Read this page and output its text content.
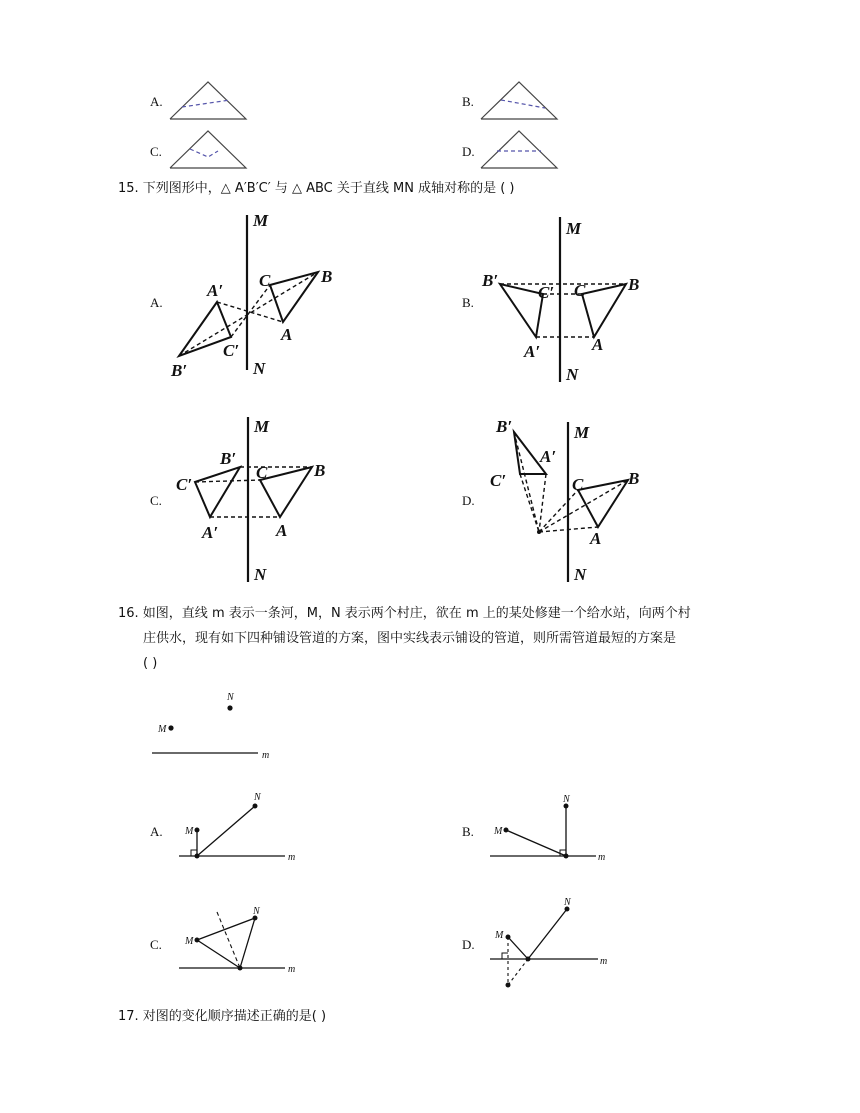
A.	B.
C.	D.
15. 下列图形中，△ A′B′C′ 与 △ ABC 关于直线 MN 成轴对称的是 ( )
A.
M
N
C	B
A
A′
C′
B′
B.
M
N
B′
C′
A′
C	B
A
C.
M
N
B′
C′
A′
C	B
A
D.
M
N
B′
A′
C′	C	B
A
16. 如图，直线 m 表示一条河，M，N 表示两个村庄，欲在 m 上的某处修建一个给水站，向两个村
庄供水，现有如下四种铺设管道的方案，图中实线表示铺设的管道，则所需管道最短的方案是
( )
N
M
m
A.
m
M
N
B.
m
M
N
C.
m
M
N
D.
m
M
N
17. 对图的变化顺序描述正确的是( )
